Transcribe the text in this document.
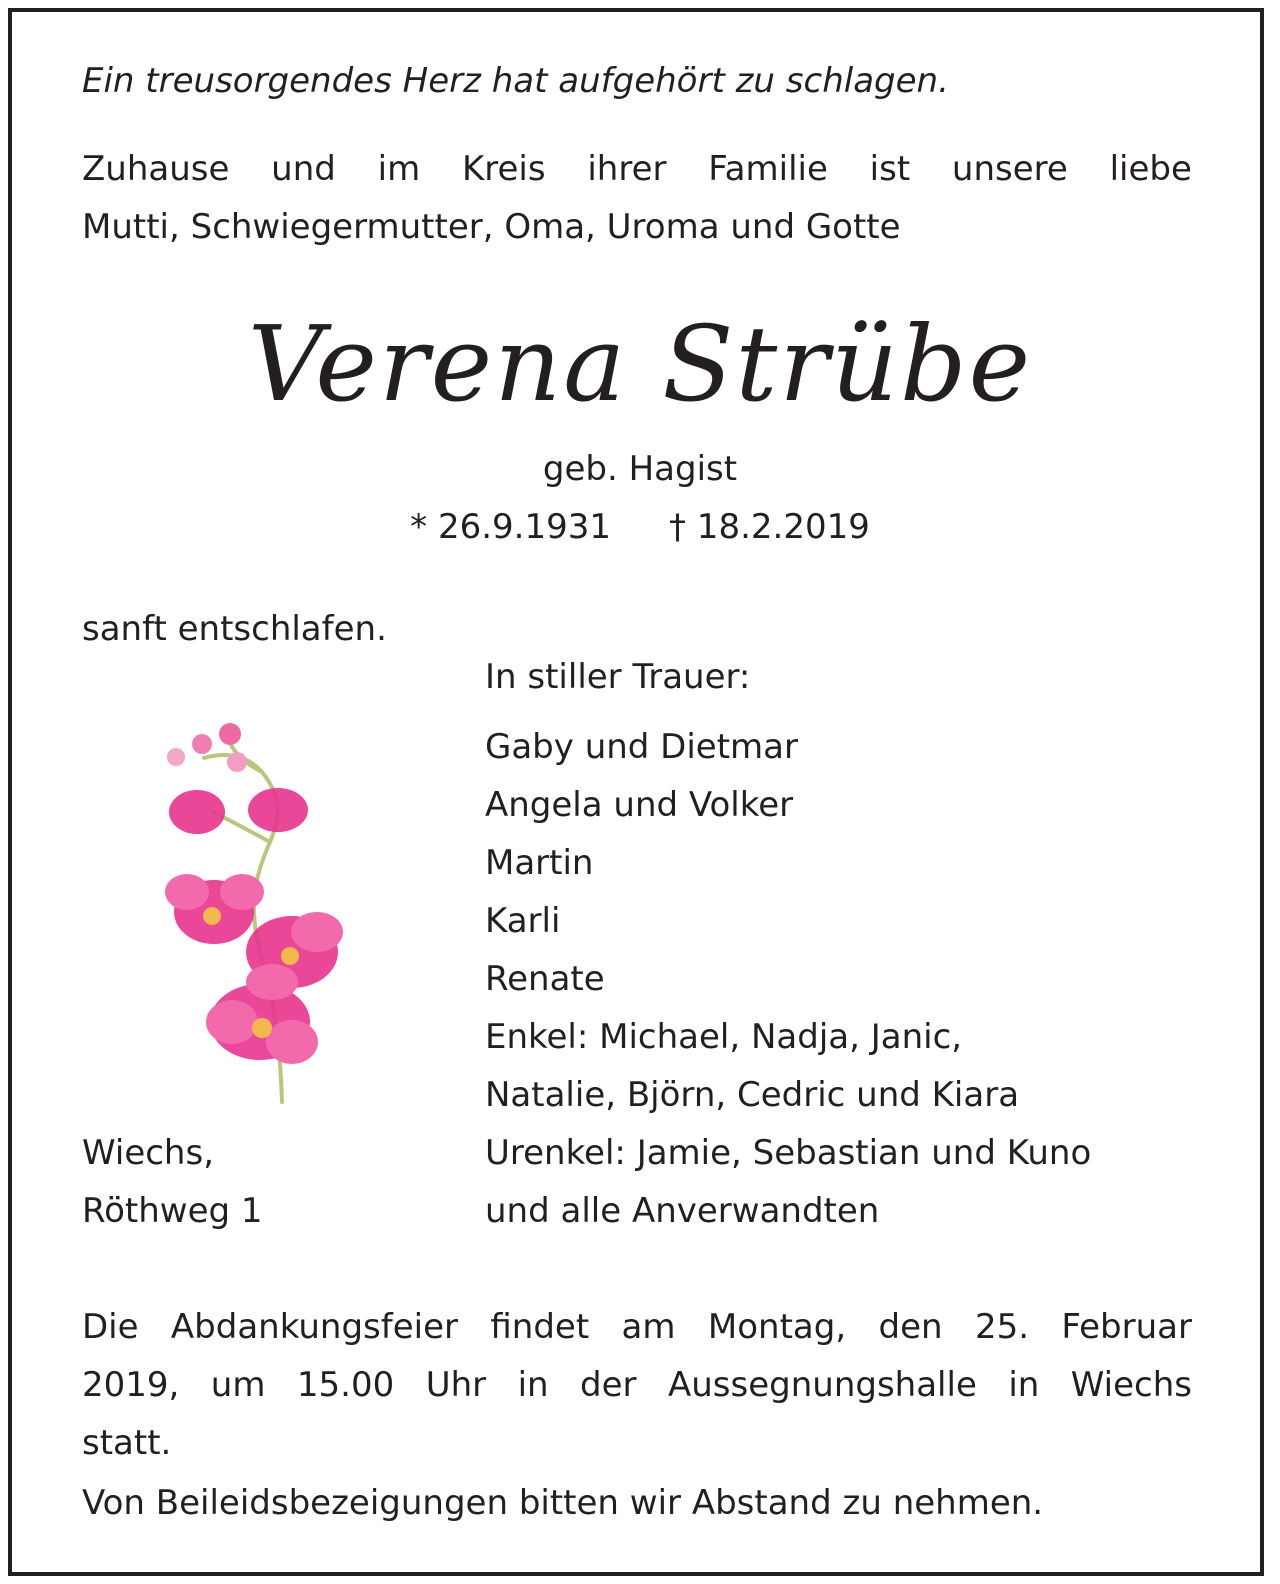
Ein treusorgendes Herz hat aufgehört zu schlagen.
Zuhause und im Kreis ihrer Familie ist unsere liebe
Mutti, Schwiegermutter, Oma, Uroma und Gotte
Verena Strübe
geb. Hagist
* 26.9.1931 † 18.2.2019
sanft entschlafen.
In stiller Trauer:
Gaby und Dietmar
Angela und Volker
Martin
Karli
Renate
Enkel: Michael, Nadja, Janic,
Natalie, Björn, Cedric und Kiara
Urenkel: Jamie, Sebastian und Kuno
und alle Anverwandten
Wiechs,
Röthweg 1
Die Abdankungsfeier findet am Montag, den 25. Februar
2019, um 15.00 Uhr in der Aussegnungshalle in Wiechs
statt.
Von Beileidsbezeigungen bitten wir Abstand zu nehmen.
